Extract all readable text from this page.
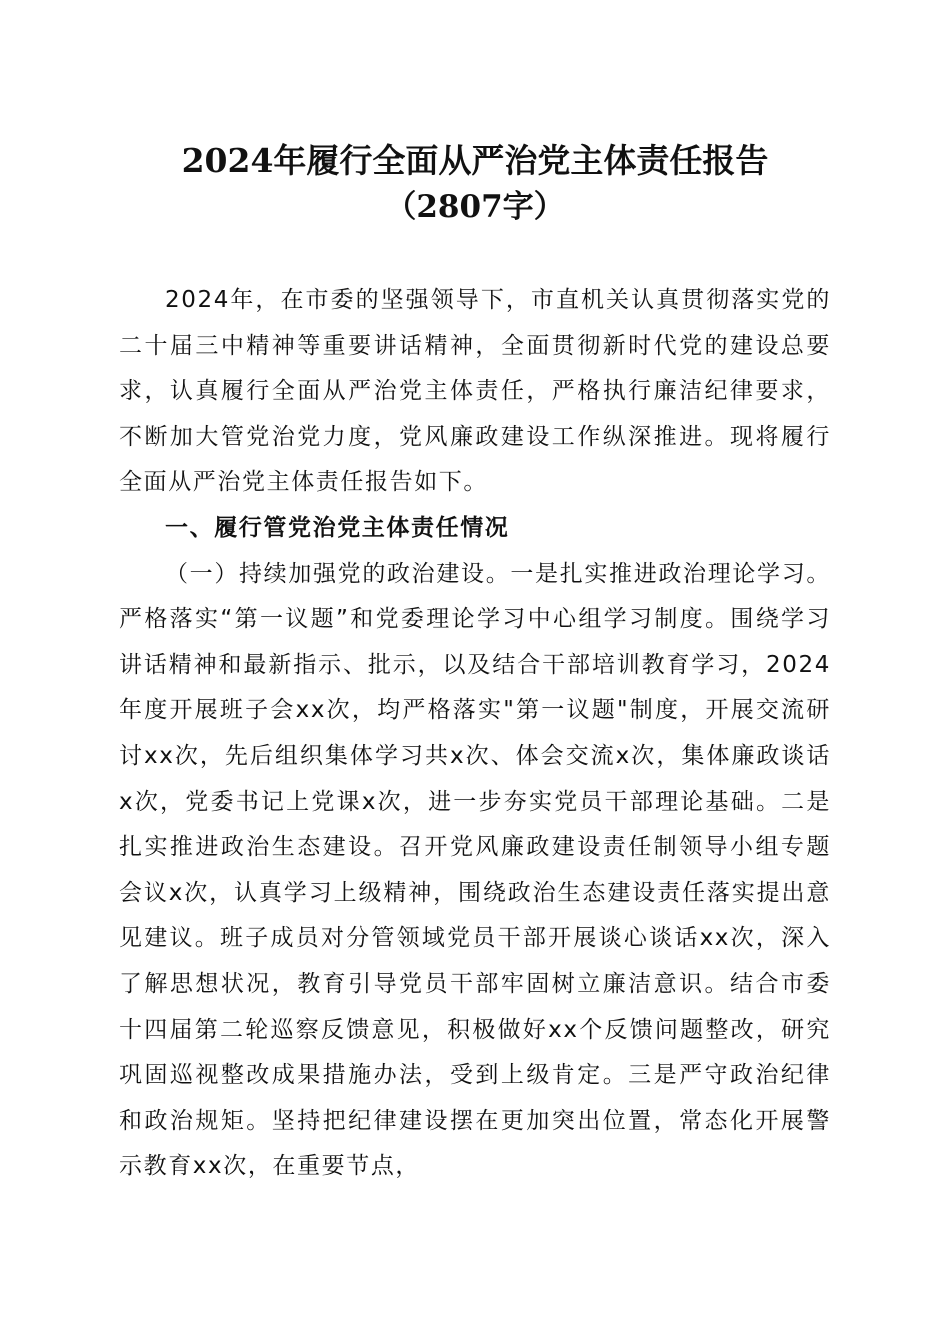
2024年履行全面从严治党主体责任报告
（2807字）

2024年，在市委的坚强领导下，市直机关认真贯彻落实党的二十届三中精神等重要讲话精神，全面贯彻新时代党的建设总要求，认真履行全面从严治党主体责任，严格执行廉洁纪律要求，不断加大管党治党力度，党风廉政建设工作纵深推进。现将履行全面从严治党主体责任报告如下。

一、履行管党治党主体责任情况

（一）持续加强党的政治建设。一是扎实推进政治理论学习。严格落实“第一议题”和党委理论学习中心组学习制度。围绕学习讲话精神和最新指示、批示，以及结合干部培训教育学习，2024年度开展班子会xx次，均严格落实"第一议题"制度，开展交流研讨xx次，先后组织集体学习共x次、体会交流x次，集体廉政谈话x次，党委书记上党课x次，进一步夯实党员干部理论基础。二是扎实推进政治生态建设。召开党风廉政建设责任制领导小组专题会议x次，认真学习上级精神，围绕政治生态建设责任落实提出意见建议。班子成员对分管领域党员干部开展谈心谈话xx次，深入了解思想状况，教育引导党员干部牢固树立廉洁意识。结合市委十四届第二轮巡察反馈意见，积极做好xx个反馈问题整改，研究巩固巡视整改成果措施办法，受到上级肯定。三是严守政治纪律和政治规矩。坚持把纪律建设摆在更加突出位置，常态化开展警示教育xx次，在重要节点，
